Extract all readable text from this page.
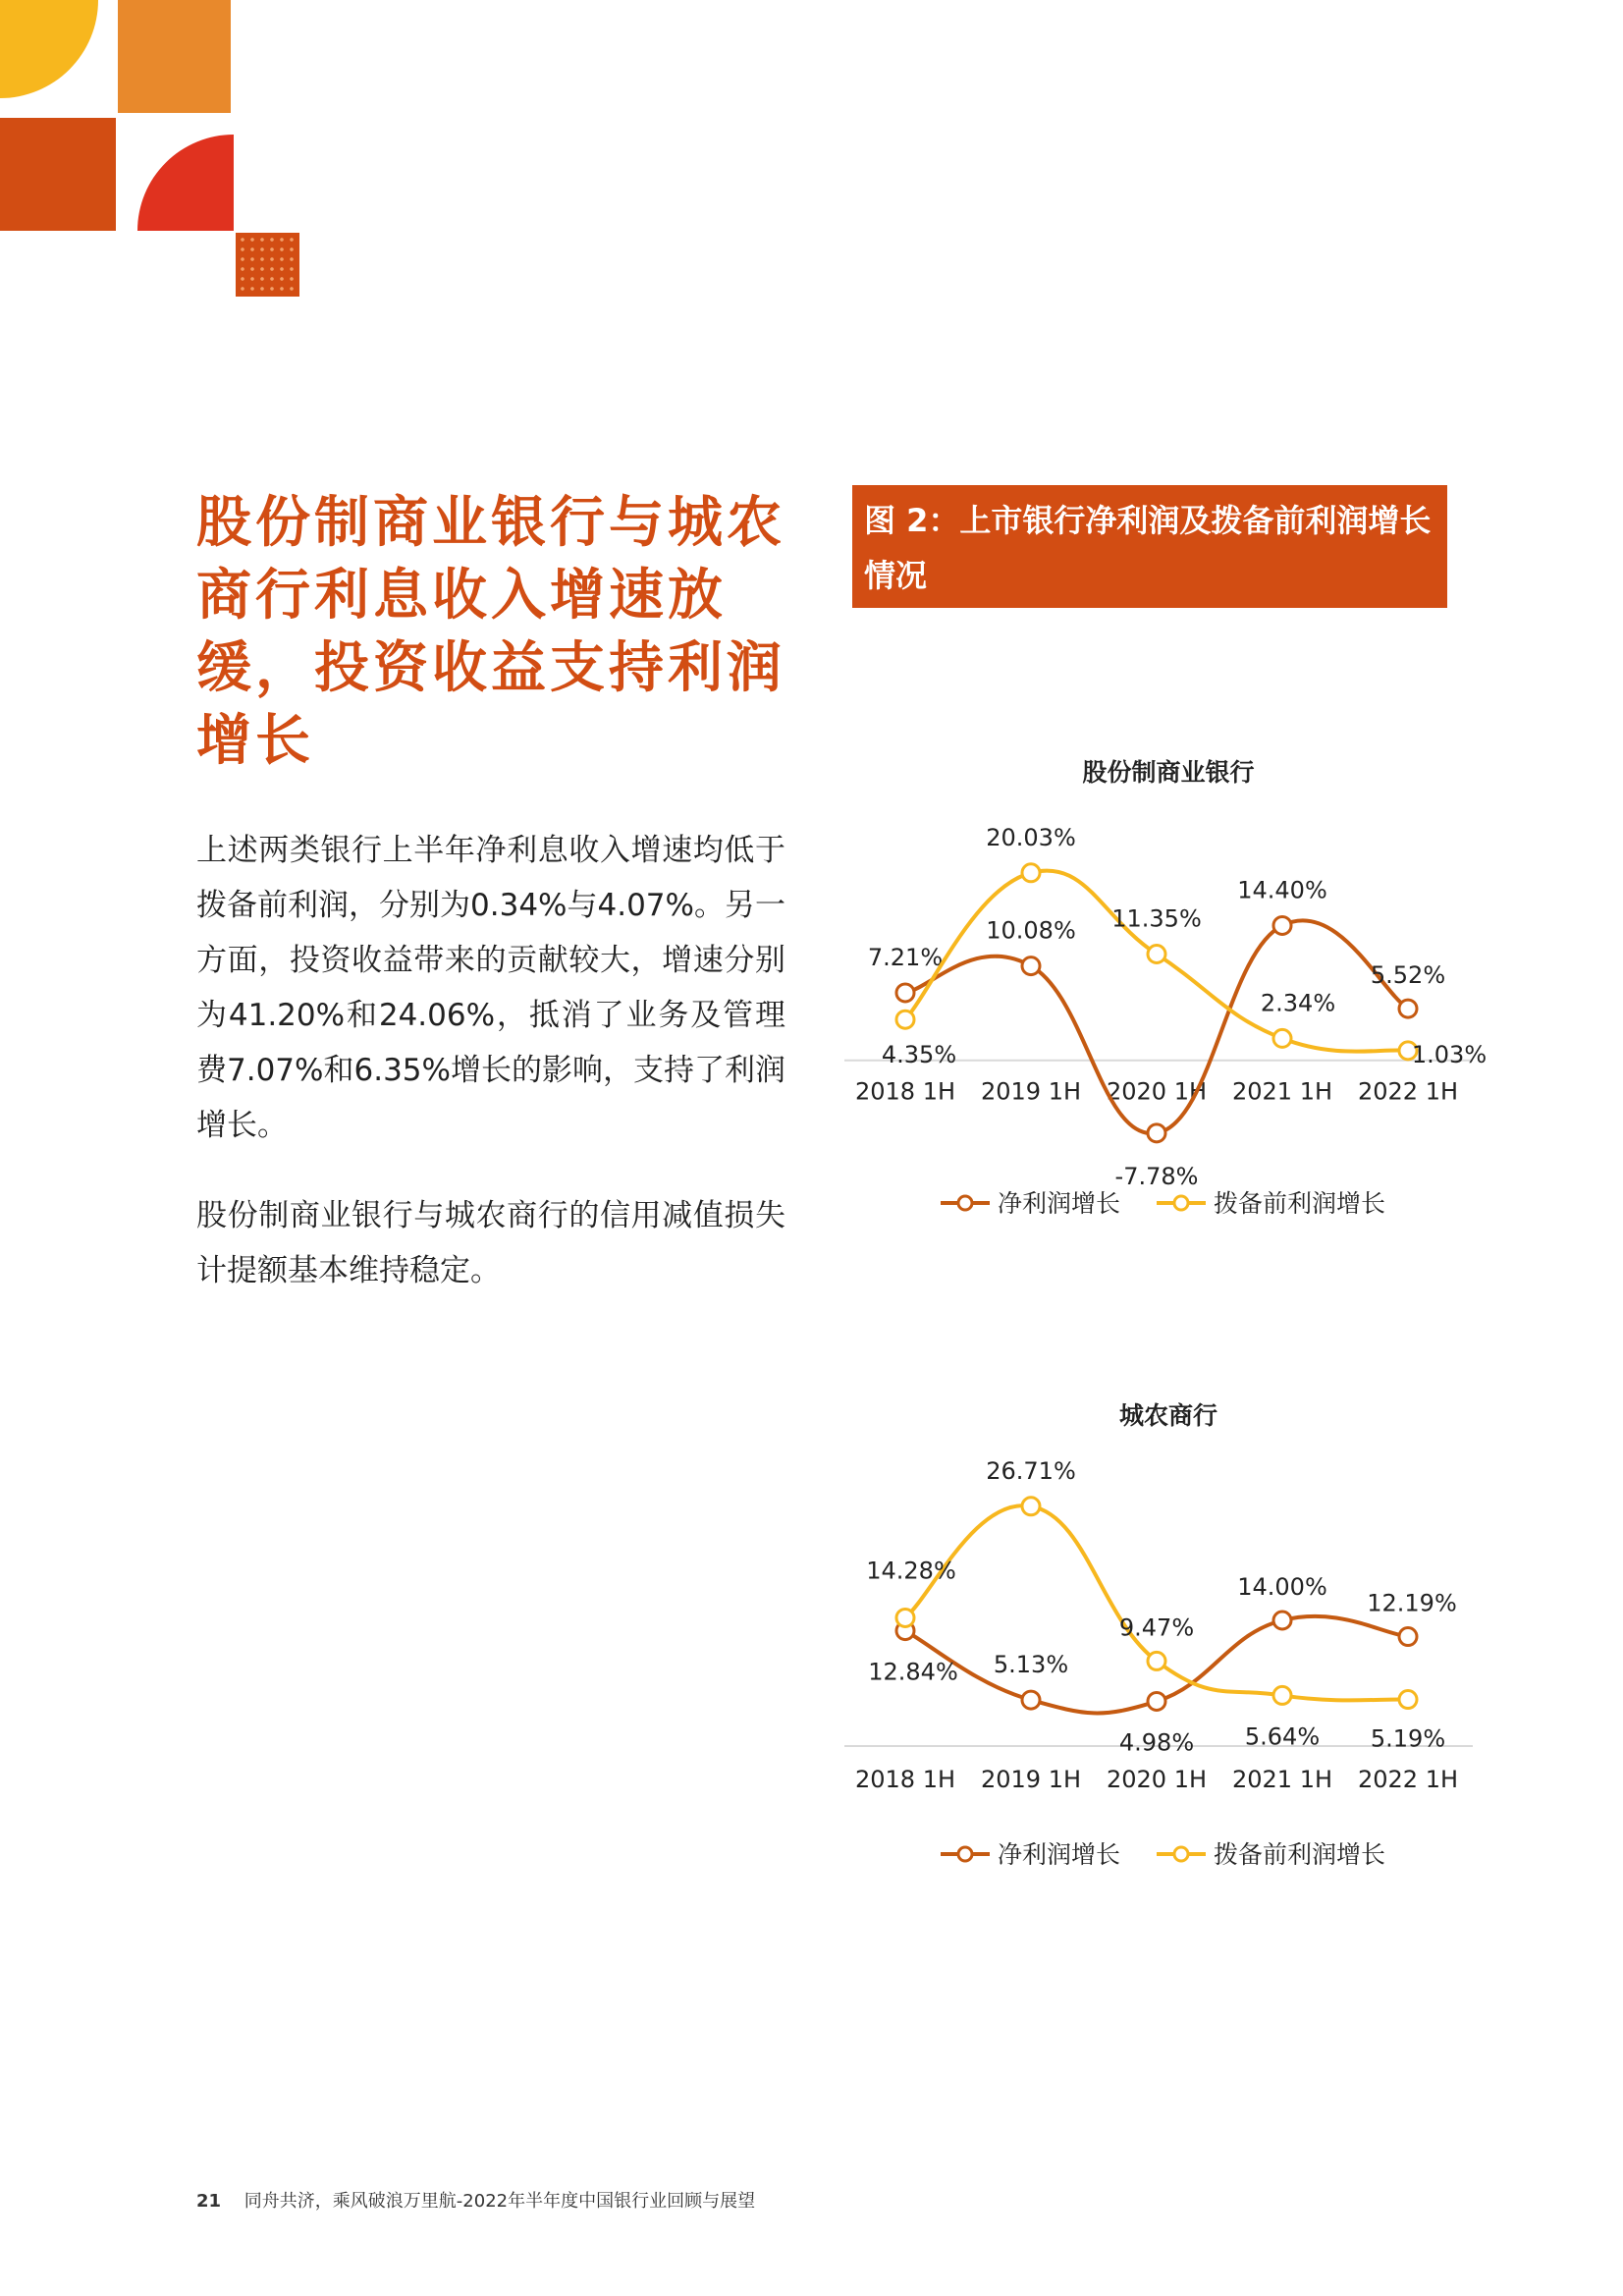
股份制商业银行与城农商行利息收入增速放缓，投资收益支持利润增长

上述两类银行上半年净利息收入增速均低于拨备前利润，分别为0.34%与4.07%。另一方面，投资收益带来的贡献较大，增速分别为41.20%和24.06%，抵消了业务及管理费7.07%和6.35%增长的影响，支持了利润增长。

股份制商业银行与城农商行的信用减值损失计提额基本维持稳定。

图 2：上市银行净利润及拨备前利润增长情况
股份制商业银行
2018 1H 2019 1H 2020 1H 2021 1H 2022 1H
7.21%
10.08%
-7.78%
14.40%
5.52%
4.35%
20.03%
11.35%
2.34%
1.03%
净利润增长	拨备前利润增长
城农商行
2018 1H 2019 1H 2020 1H 2021 1H 2022 1H
12.84% 5.13%
4.98%
14.00%
12.19%
14.28%
26.71%
9.47%
5.64% 5.19%
净利润增长	拨备前利润增长
21 同舟共济，乘风破浪万里航-2022年半年度中国银行业回顾与展望
